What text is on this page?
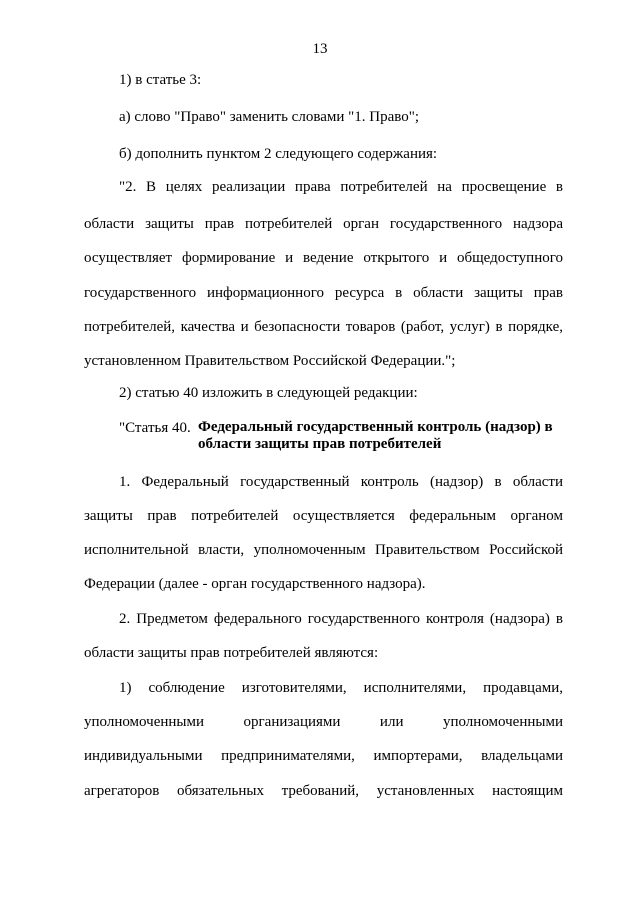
13
1) в статье 3:
а) слово "Право" заменить словами "1. Право";
б) дополнить пунктом 2 следующего содержания:
"2. В целях реализации права потребителей на просвещение в
области защиты прав потребителей орган государственного надзора
осуществляет формирование и ведение открытого и общедоступного
государственного информационного ресурса в области защиты прав
потребителей, качества и безопасности товаров (работ, услуг) в порядке,
установленном Правительством Российской Федерации.";
2) статью 40 изложить в следующей редакции:
"Статья 40. Федеральный государственный контроль (надзор) в
области защиты прав потребителей
1. Федеральный государственный контроль (надзор) в области
защиты прав потребителей осуществляется федеральным органом
исполнительной власти, уполномоченным Правительством Российской
Федерации (далее - орган государственного надзора).
2. Предметом федерального государственного контроля (надзора) в
области защиты прав потребителей являются:
1) соблюдение изготовителями, исполнителями, продавцами,
уполномоченными организациями или уполномоченными
индивидуальными предпринимателями, импортерами, владельцами
агрегаторов обязательных требований, установленных настоящим
